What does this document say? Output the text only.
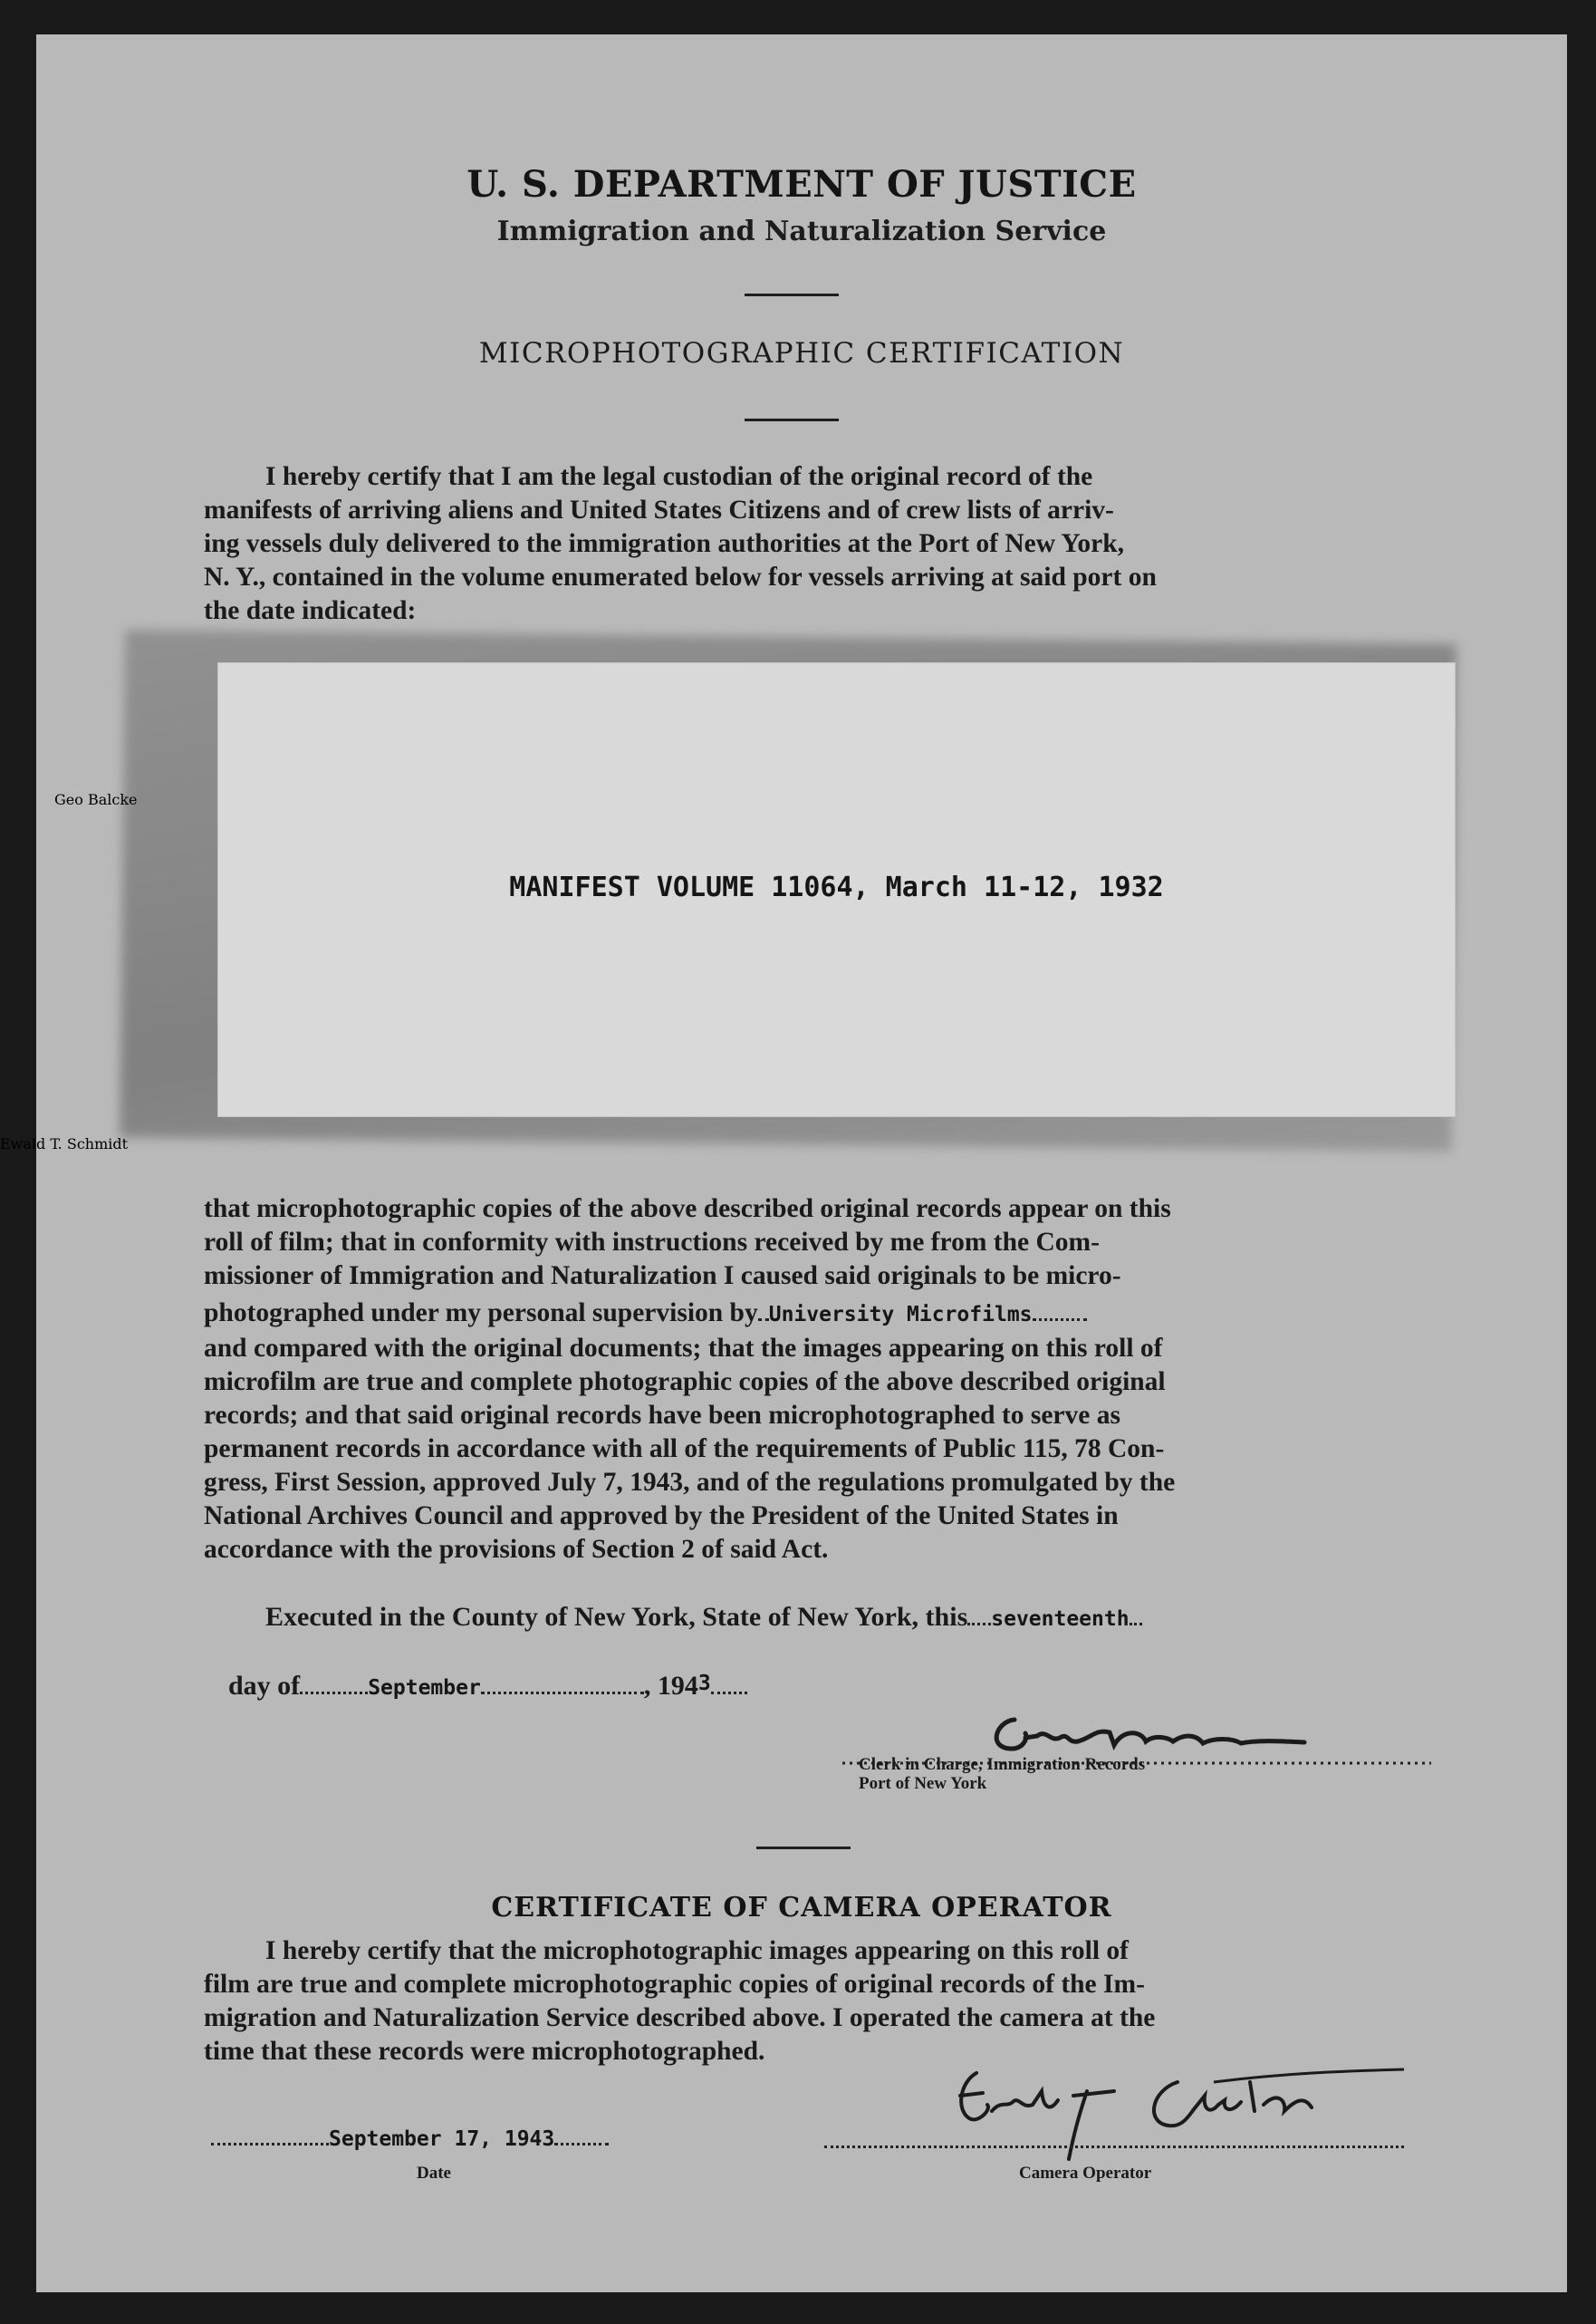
U. S. DEPARTMENT OF JUSTICE
Immigration and Naturalization Service
MICROPHOTOGRAPHIC CERTIFICATION

I hereby certify that I am the legal custodian of the original record of the

manifests of arriving aliens and United States Citizens and of crew lists of arriv-

ing vessels duly delivered to the immigration authorities at the Port of New York,

N. Y., contained in the volume enumerated below for vessels arriving at said port on

the date indicated:

MANIFEST VOLUME 11064, March 11-12, 1932

that microphotographic copies of the above described original records appear on this

roll of film; that in conformity with instructions received by me from the Com-

missioner of Immigration and Naturalization I caused said originals to be micro-

photographed under my personal supervision by University Microfilms

and compared with the original documents; that the images appearing on this roll of

microfilm are true and complete photographic copies of the above described original

records; and that said original records have been microphotographed to serve as

permanent records in accordance with all of the requirements of Public 115, 78 Con-

gress, First Session, approved July 7, 1943, and of the regulations promulgated by the

National Archives Council and approved by the President of the United States in

accordance with the provisions of Section 2 of said Act.

Executed in the County of New York, State of New York, this seventeenth
day of	September	, 1943
Geo Balcke
Clerk in Charge, Immigration Records
Port of New York
CERTIFICATE OF CAMERA OPERATOR

I hereby certify that the microphotographic images appearing on this roll of

film are true and complete microphotographic copies of original records of the Im-

migration and Naturalization Service described above. I operated the camera at the

time that these records were microphotographed.

September 17, 1943
Date
Ewald T. Schmidt
Camera Operator
